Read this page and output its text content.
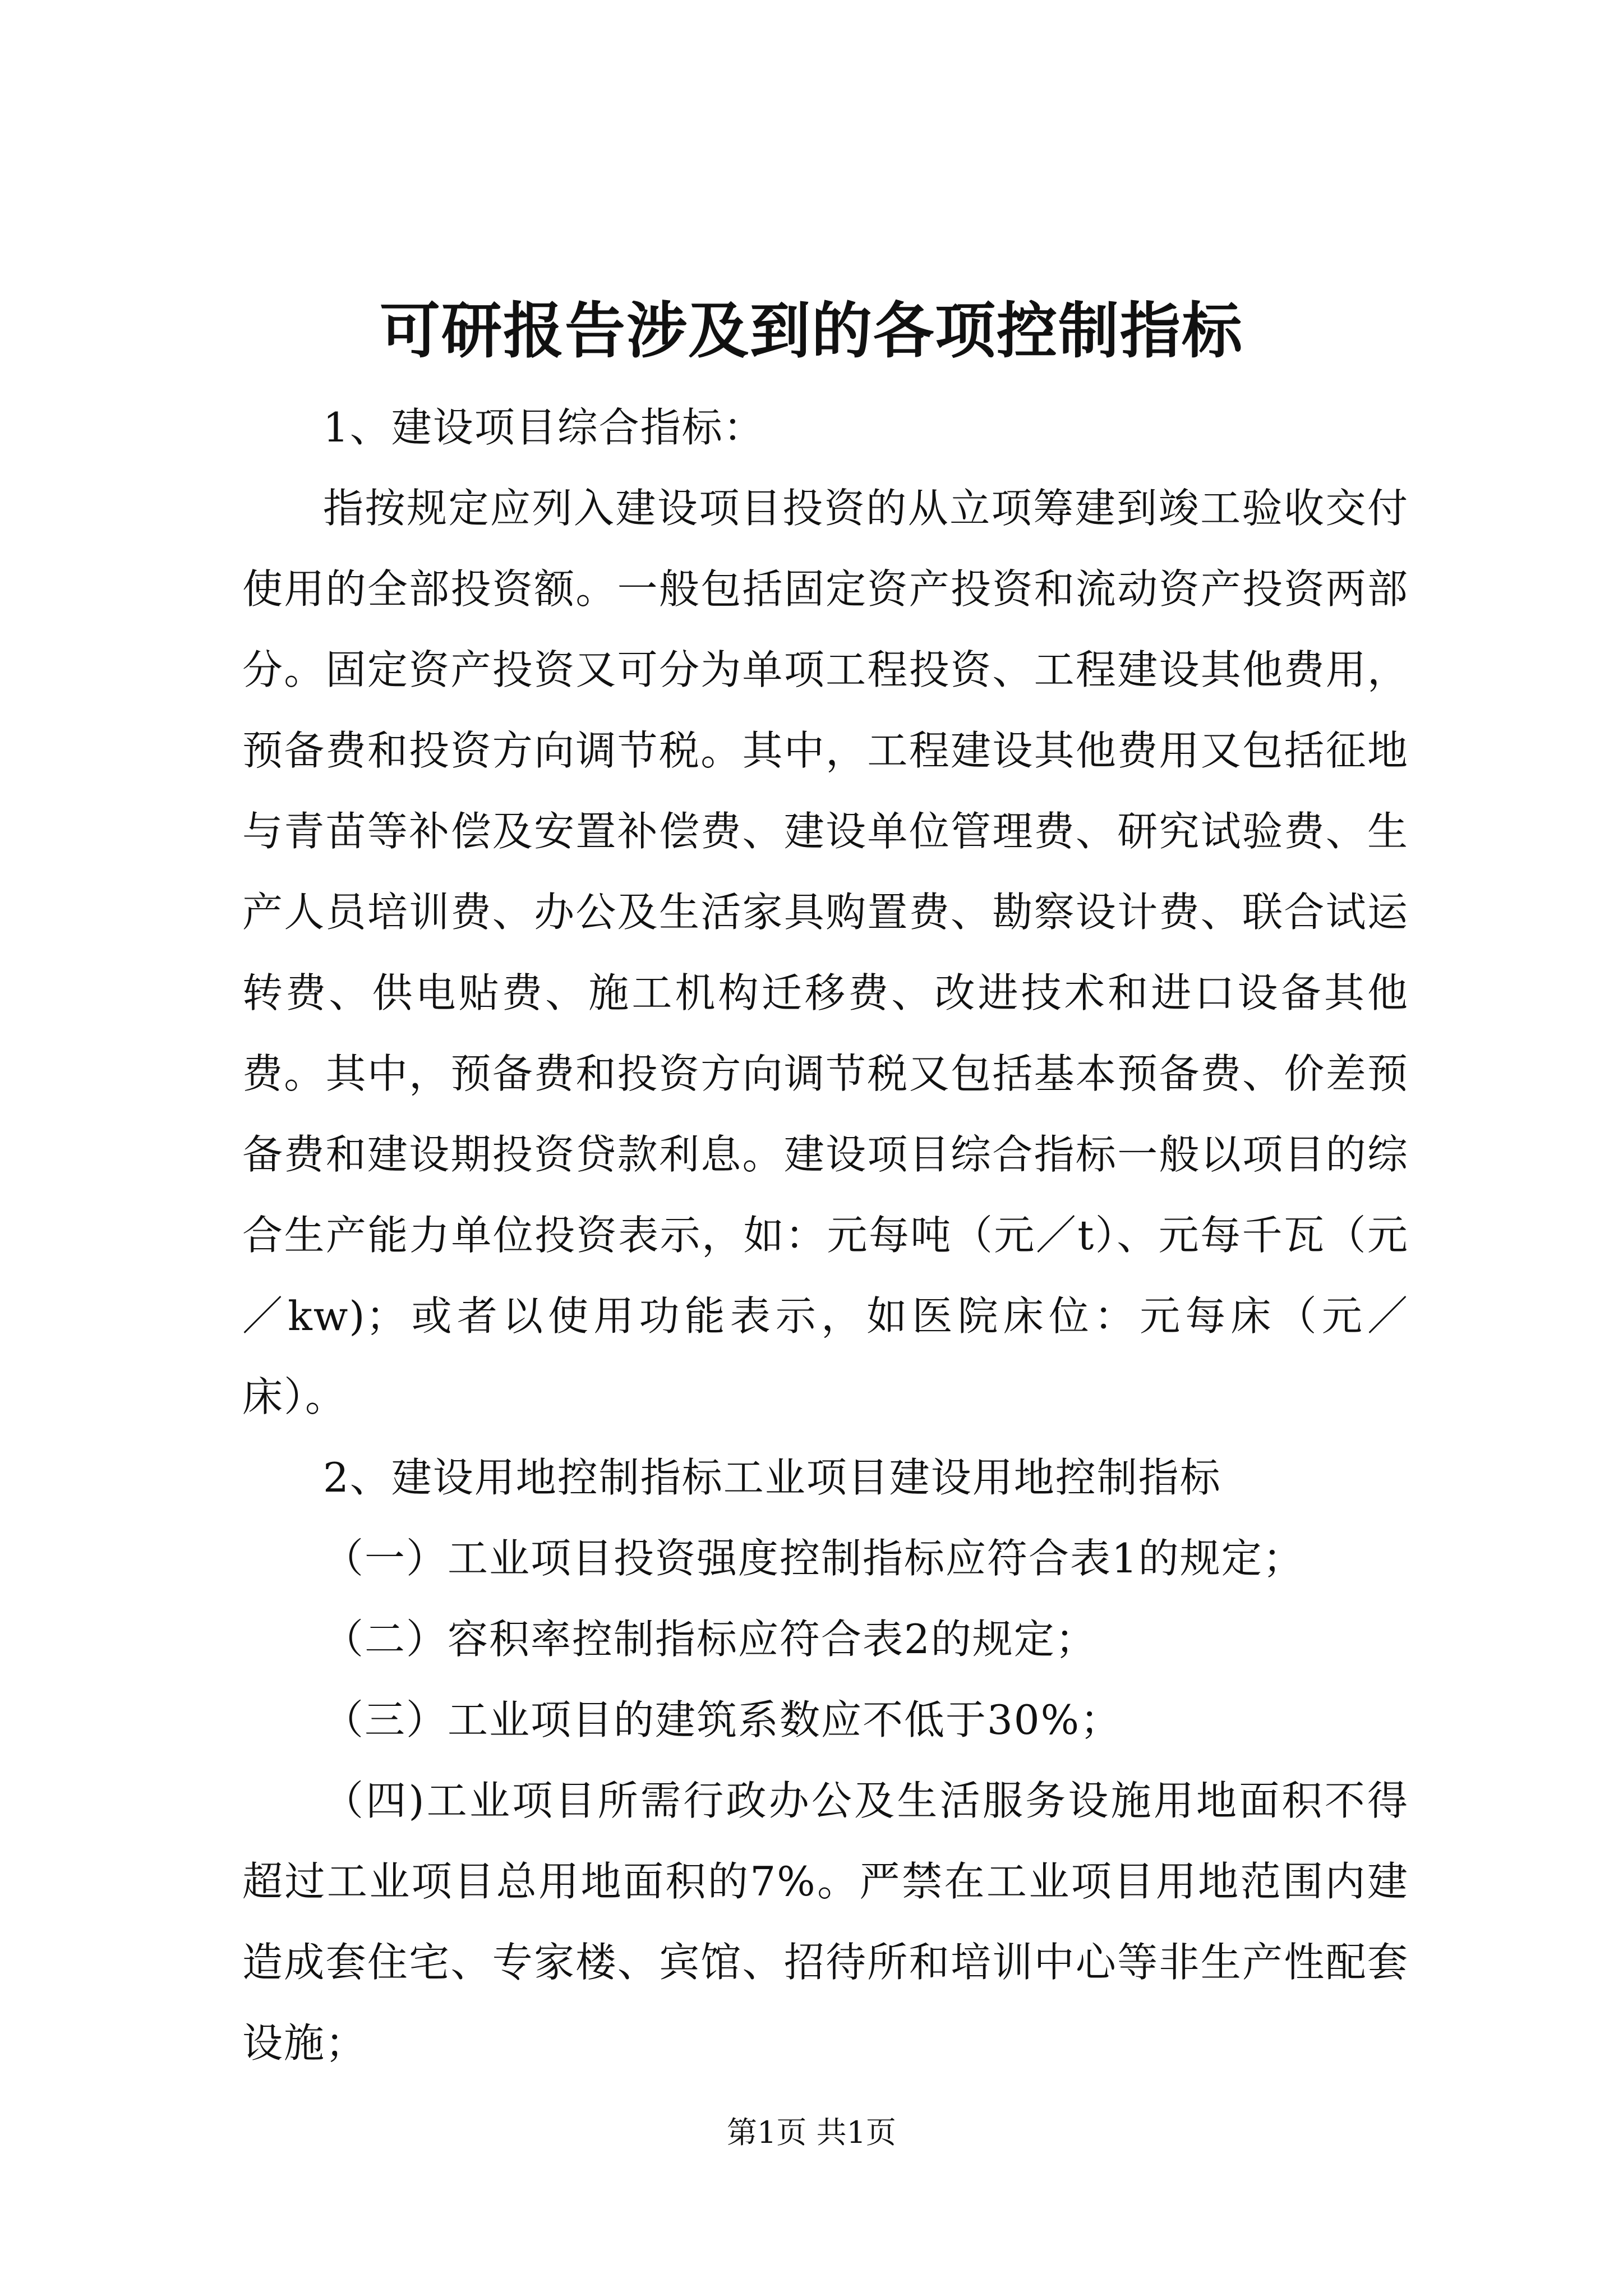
可研报告涉及到的各项控制指标

1、建设项目综合指标：

指按规定应列入建设项目投资的从立项筹建到竣工验收交付使用的全部投资额。一般包括固定资产投资和流动资产投资两部分。固定资产投资又可分为单项工程投资、工程建设其他费用，预备费和投资方向调节税。其中，工程建设其他费用又包括征地与青苗等补偿及安置补偿费、建设单位管理费、研究试验费、生产人员培训费、办公及生活家具购置费、勘察设计费、联合试运转费、供电贴费、施工机构迁移费、改进技术和进口设备其他费。其中，预备费和投资方向调节税又包括基本预备费、价差预备费和建设期投资贷款利息。建设项目综合指标一般以项目的综合生产能力单位投资表示，如：元每吨（元／t）、元每千瓦（元／kw)；或者以使用功能表示，如医院床位：元每床（元／床）。

2、建设用地控制指标工业项目建设用地控制指标

（一）工业项目投资强度控制指标应符合表1的规定；

（二）容积率控制指标应符合表2的规定；

（三）工业项目的建筑系数应不低于30%；

（四)工业项目所需行政办公及生活服务设施用地面积不得超过工业项目总用地面积的7%。严禁在工业项目用地范围内建造成套住宅、专家楼、宾馆、招待所和培训中心等非生产性配套设施；

第1页 共1页
